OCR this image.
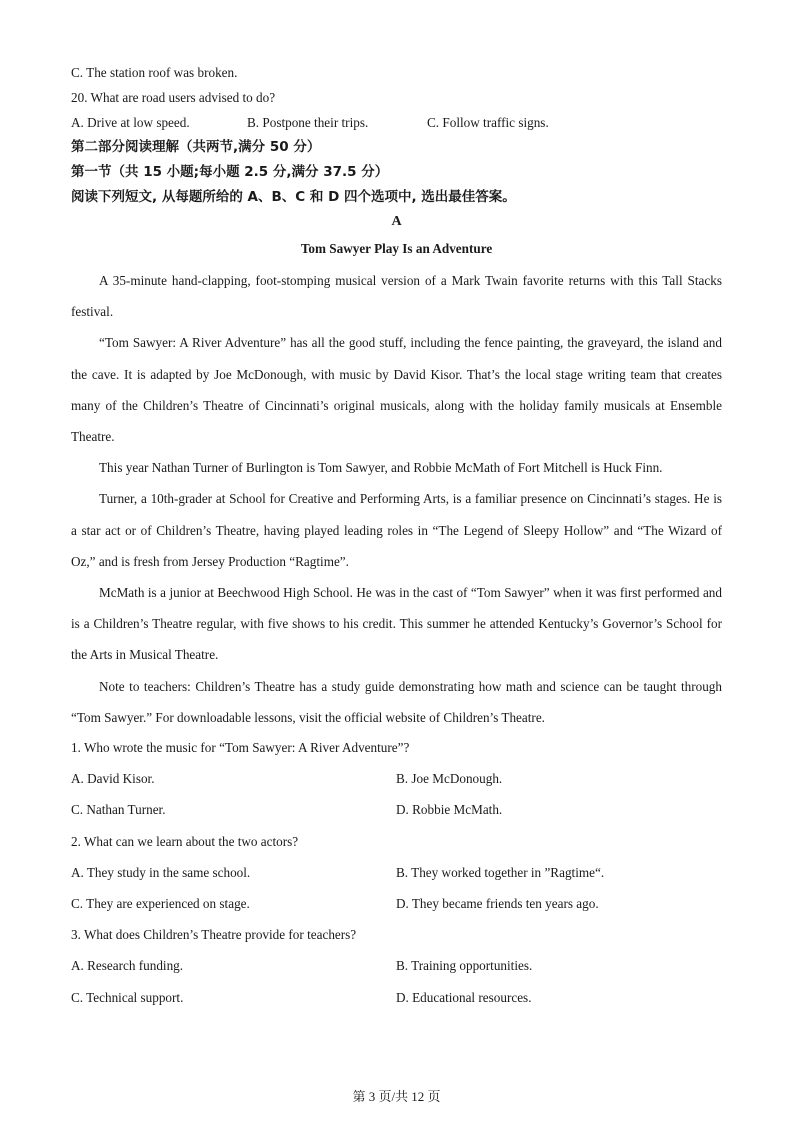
C. The station roof was broken.
20. What are road users advised to do?
A. Drive at low speed.	B. Postpone their trips.	C. Follow traffic signs.
第二部分阅读理解（共两节,满分 50 分）
第一节（共 15 小题;每小题 2.5 分,满分 37.5 分）
阅读下列短文, 从每题所给的 A、B、C 和 D 四个选项中, 选出最佳答案。
A
Tom Sawyer Play Is an Adventure
A 35-minute hand-clapping, foot-stomping musical version of a Mark Twain favorite returns with this Tall Stacks festival.
“Tom Sawyer: A River Adventure” has all the good stuff, including the fence painting, the graveyard, the island and the cave. It is adapted by Joe McDonough, with music by David Kisor. That’s the local stage writing team that creates many of the Children’s Theatre of Cincinnati’s original musicals, along with the holiday family musicals at Ensemble Theatre.
This year Nathan Turner of Burlington is Tom Sawyer, and Robbie McMath of Fort Mitchell is Huck Finn.
Turner, a 10th-grader at School for Creative and Performing Arts, is a familiar presence on Cincinnati’s stages. He is a star act or of Children’s Theatre, having played leading roles in “The Legend of Sleepy Hollow” and “The Wizard of Oz,” and is fresh from Jersey Production “Ragtime”.
McMath is a junior at Beechwood High School. He was in the cast of “Tom Sawyer” when it was first performed and is a Children’s Theatre regular, with five shows to his credit. This summer he attended Kentucky’s Governor’s School for the Arts in Musical Theatre.
Note to teachers: Children’s Theatre has a study guide demonstrating how math and science can be taught through “Tom Sawyer.” For downloadable lessons, visit the official website of Children’s Theatre.
1. Who wrote the music for “Tom Sawyer: A River Adventure”?
A. David Kisor.	B. Joe McDonough.
C. Nathan Turner.	D. Robbie McMath.
2. What can we learn about the two actors?
A. They study in the same school.	B. They worked together in ”Ragtime“.
C. They are experienced on stage.	D. They became friends ten years ago.
3. What does Children’s Theatre provide for teachers?
A. Research funding.	B. Training opportunities.
C. Technical support.	D. Educational resources.
第 3 页/共 12 页
